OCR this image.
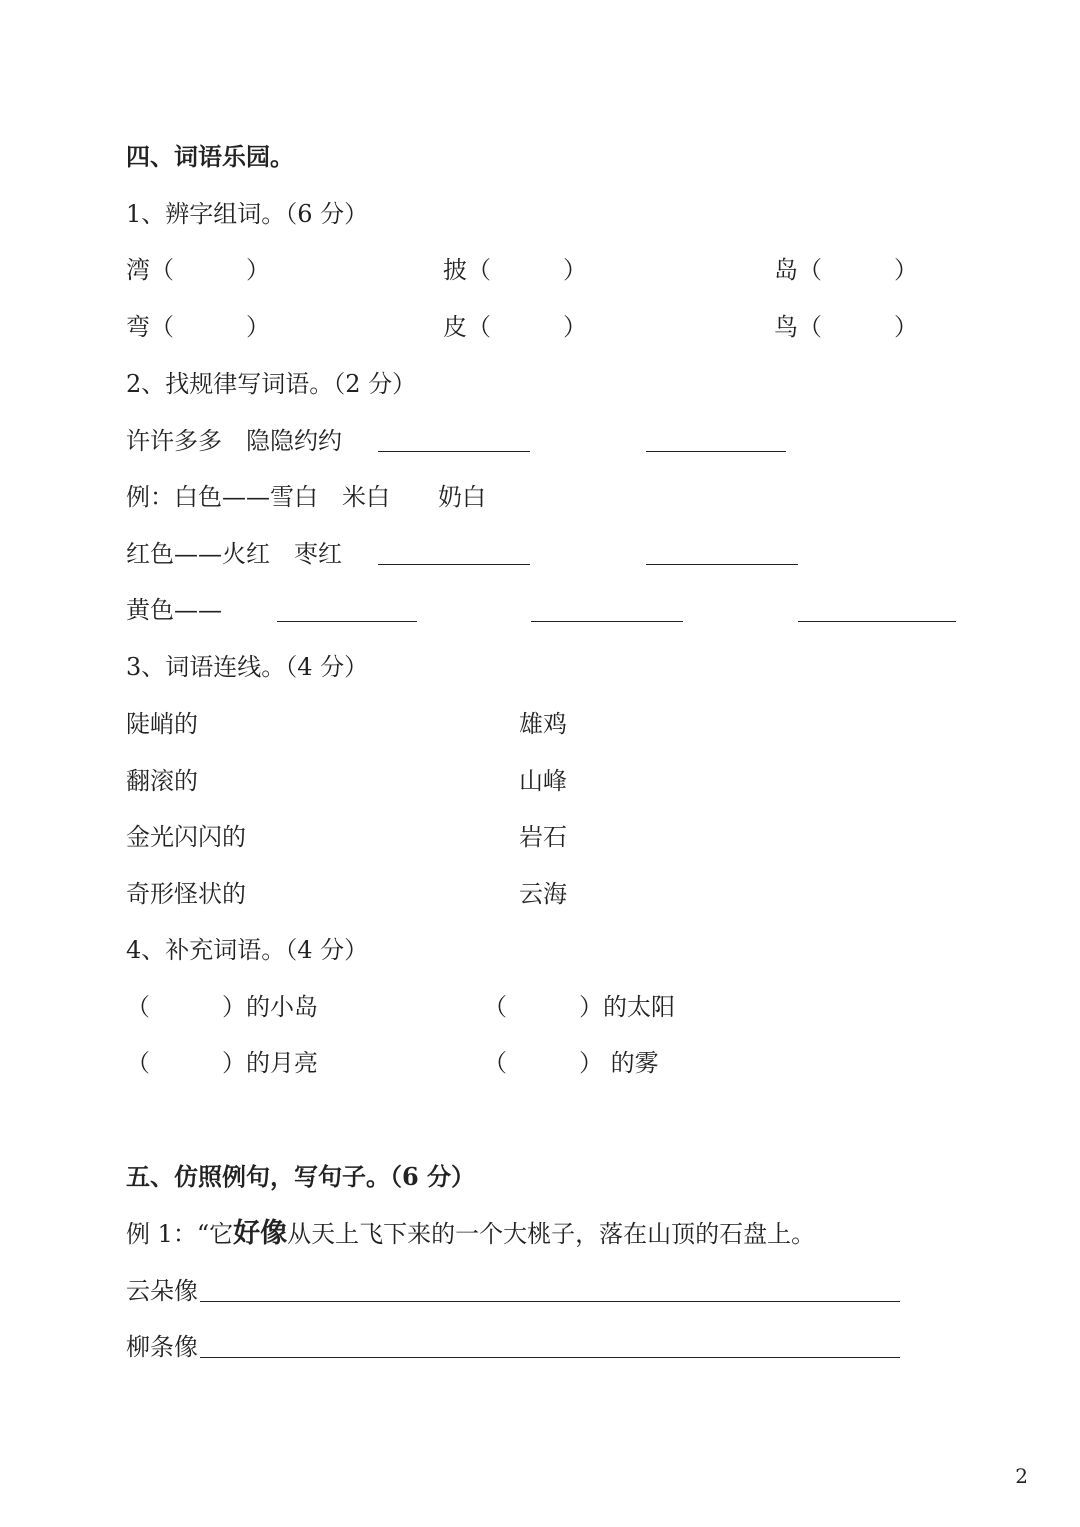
四、词语乐园。
1、辨字组词。（6 分）
湾（　　　）	披（　　　）	岛（　　　）
弯（　　　）	皮（　　　）	鸟（　　　）
2、找规律写词语。（2 分）
许许多多　隐隐约约
例：白色——雪白　米白　　奶白
红色——火红　枣红
黄色——
3、词语连线。（4 分）
陡峭的	雄鸡
翻滚的	山峰
金光闪闪的	岩石
奇形怪状的	云海
4、补充词语。（4 分）
（　　　）的小岛	（　　　）的太阳
（　　　）的月亮	（　　　） 的雾
五、仿照例句，写句子。（6 分）
例 1：“它好像从天上飞下来的一个大桃子，落在山顶的石盘上。
云朵像
柳条像
2
